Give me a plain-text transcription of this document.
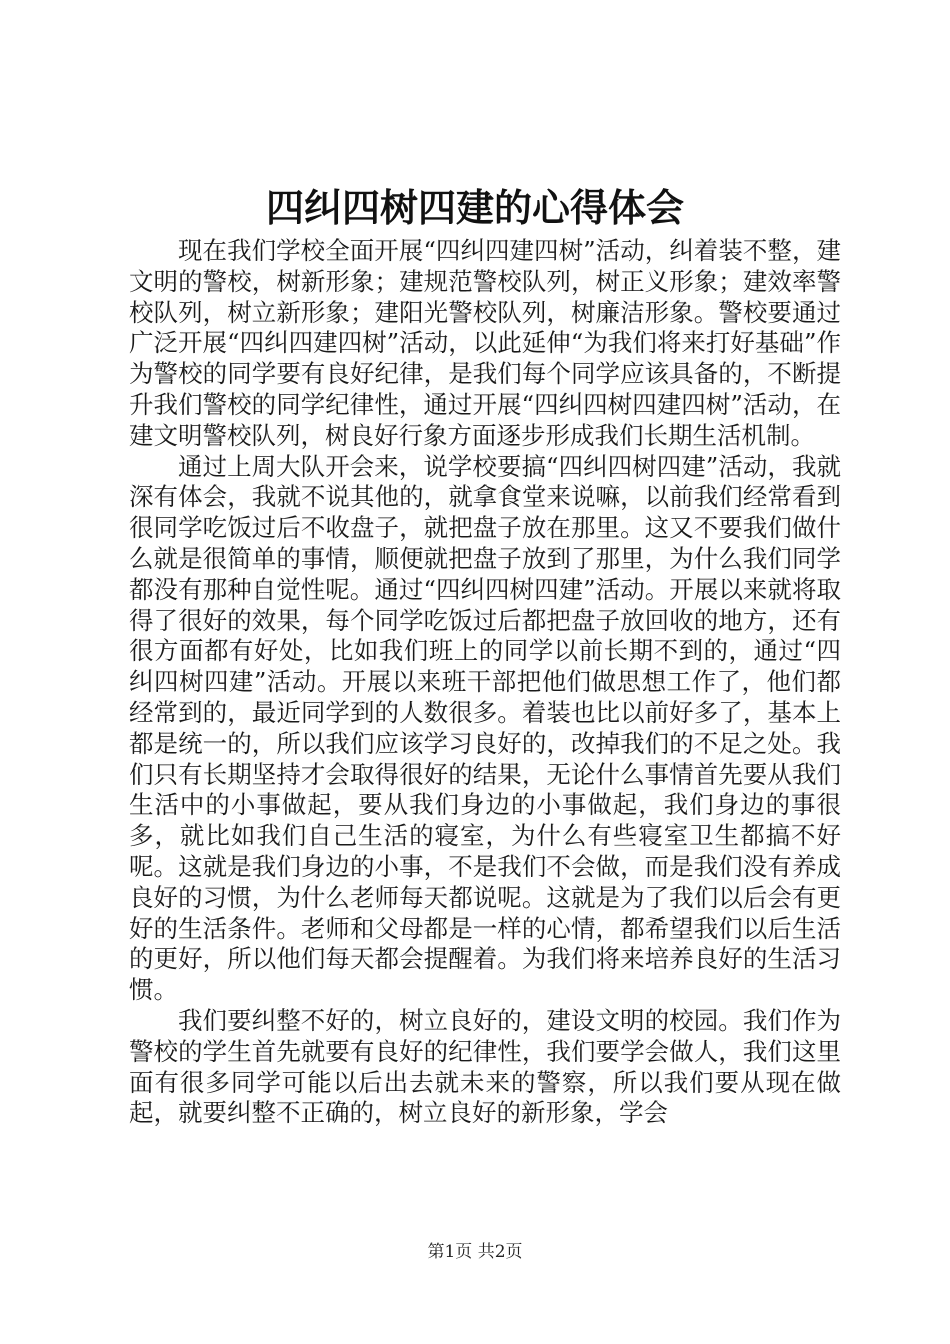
四纠四树四建的心得体会

现在我们学校全面开展“四纠四建四树”活动，纠着装不整，建文明的警校，树新形象；建规范警校队列，树正义形象；建效率警校队列，树立新形象；建阳光警校队列，树廉洁形象。警校要通过广泛开展“四纠四建四树”活动，以此延伸“为我们将来打好基础”作为警校的同学要有良好纪律，是我们每个同学应该具备的，不断提升我们警校的同学纪律性，通过开展“四纠四树四建四树”活动，在建文明警校队列，树良好行象方面逐步形成我们长期生活机制。

通过上周大队开会来，说学校要搞“四纠四树四建”活动，我就深有体会，我就不说其他的，就拿食堂来说嘛，以前我们经常看到很同学吃饭过后不收盘子，就把盘子放在那里。这又不要我们做什么就是很简单的事情，顺便就把盘子放到了那里，为什么我们同学都没有那种自觉性呢。通过“四纠四树四建”活动。开展以来就将取得了很好的效果，每个同学吃饭过后都把盘子放回收的地方，还有很方面都有好处，比如我们班上的同学以前长期不到的，通过“四纠四树四建”活动。开展以来班干部把他们做思想工作了，他们都经常到的，最近同学到的人数很多。着装也比以前好多了，基本上都是统一的，所以我们应该学习良好的，改掉我们的不足之处。我们只有长期坚持才会取得很好的结果，无论什么事情首先要从我们生活中的小事做起，要从我们身边的小事做起，我们身边的事很多，就比如我们自己生活的寝室，为什么有些寝室卫生都搞不好呢。这就是我们身边的小事，不是我们不会做，而是我们没有养成良好的习惯，为什么老师每天都说呢。这就是为了我们以后会有更好的生活条件。老师和父母都是一样的心情，都希望我们以后生活的更好，所以他们每天都会提醒着。为我们将来培养良好的生活习惯。

我们要纠整不好的，树立良好的，建设文明的校园。我们作为警校的学生首先就要有良好的纪律性，我们要学会做人，我们这里面有很多同学可能以后出去就未来的警察，所以我们要从现在做起，就要纠整不正确的，树立良好的新形象，学会

第1页 共2页
